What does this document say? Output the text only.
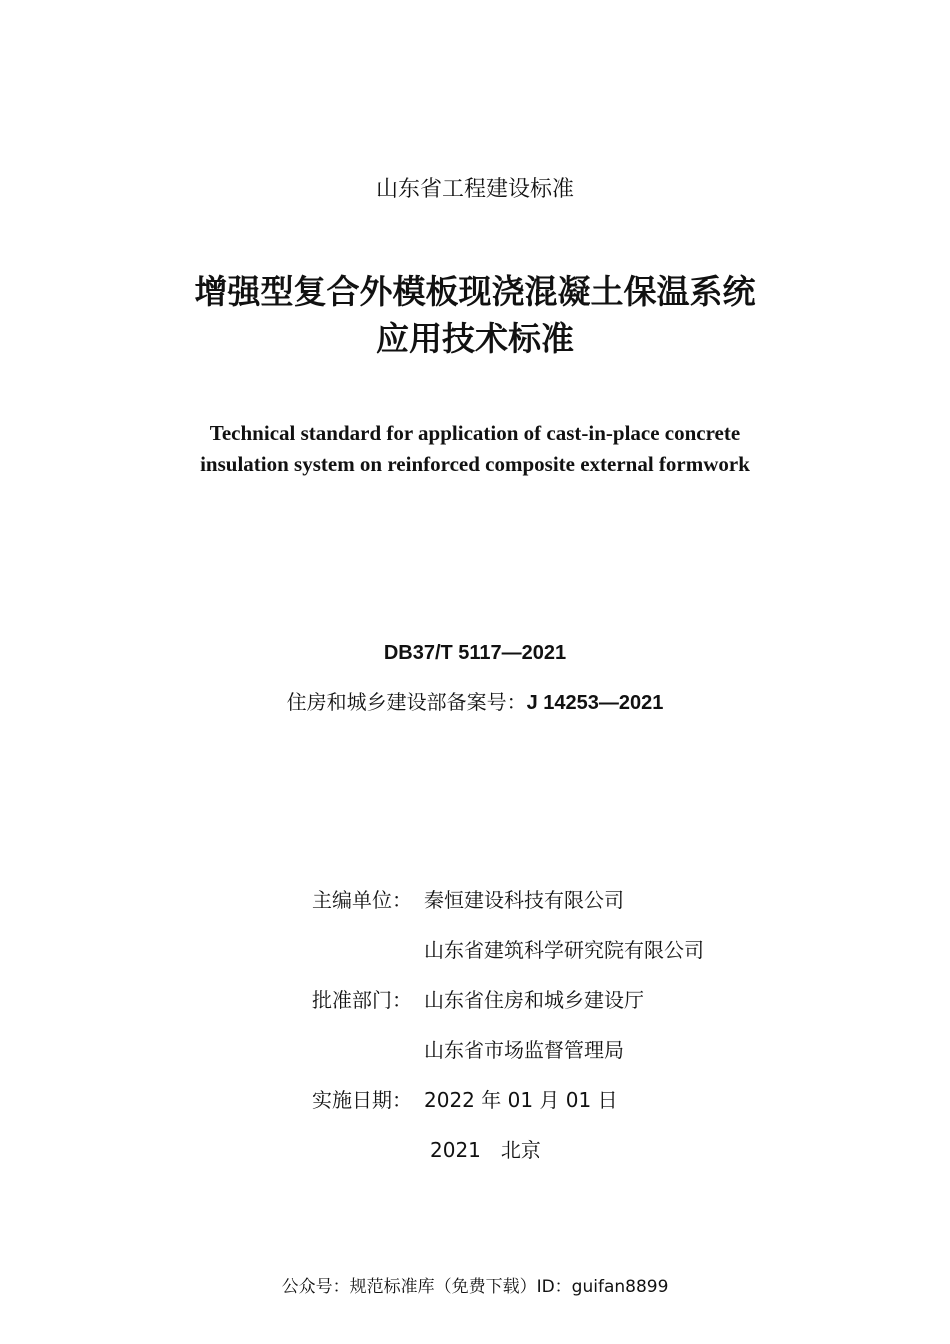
山东省工程建设标准
增强型复合外模板现浇混凝土保温系统
应用技术标准
Technical standard for application of cast-in-place concrete
insulation system on reinforced composite external formwork
DB37/T 5117—2021
住房和城乡建设部备案号：J 14253—2021
主编单位： 秦恒建设科技有限公司
山东省建筑科学研究院有限公司
批准部门： 山东省住房和城乡建设厅
山东省市场监督管理局
实施日期： 2022 年 01 月 01 日
2021　北京
公众号：规范标准库（免费下载）ID：guifan8899
